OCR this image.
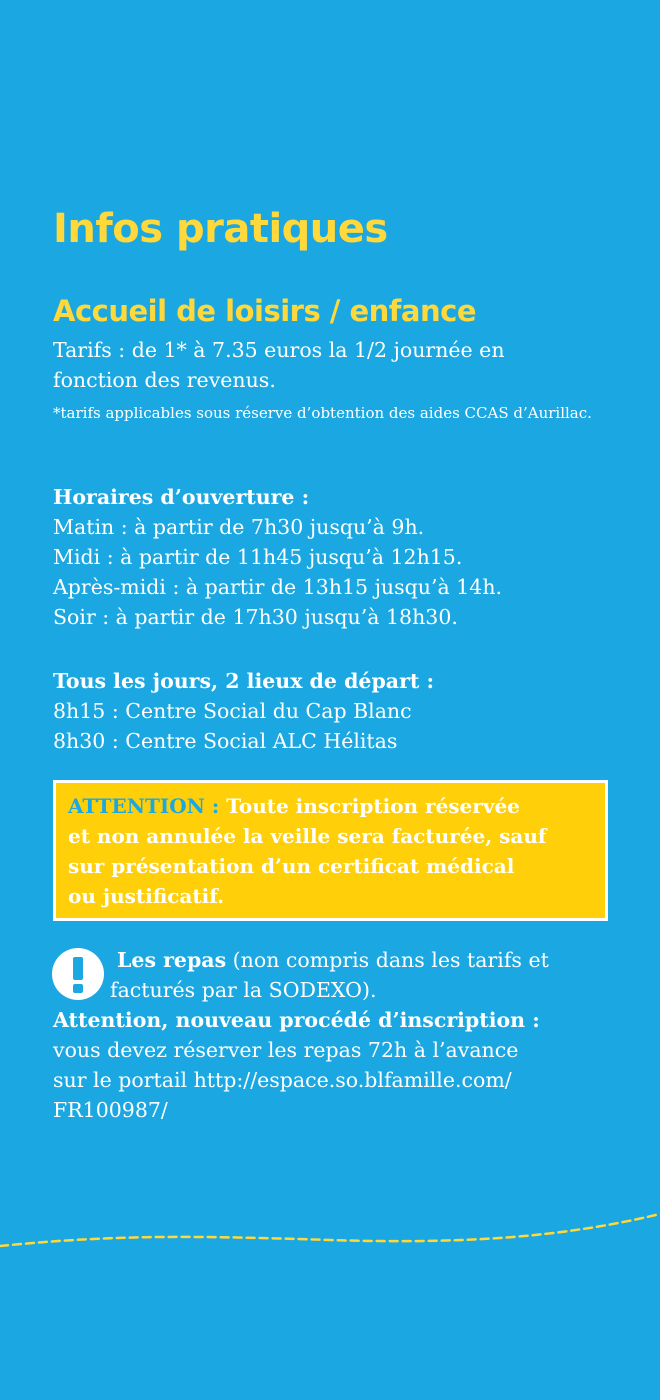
Infos pratiques
Accueil de loisirs / enfance
Tarifs : de 1* à 7.35 euros la 1/2 journée en
fonction des revenus.
*tarifs applicables sous réserve d’obtention des aides CCAS d’Aurillac.
Horaires d’ouverture :
Matin : à partir de 7h30 jusqu’à 9h.
Midi : à partir de 11h45 jusqu’à 12h15.
Après-midi : à partir de 13h15 jusqu’à 14h.
Soir : à partir de 17h30 jusqu’à 18h30.
Tous les jours, 2 lieux de départ :
8h15 : Centre Social du Cap Blanc
8h30 : Centre Social ALC Hélitas
ATTENTION : Toute inscription réservée
et non annulée la veille sera facturée, sauf
sur présentation d’un certificat médical
ou justificatif.
Les repas (non compris dans les tarifs et
facturés par la SODEXO).
Attention, nouveau procédé d’inscription :
vous devez réserver les repas 72h à l’avance
sur le portail http://espace.so.blfamille.com/
FR100987/
